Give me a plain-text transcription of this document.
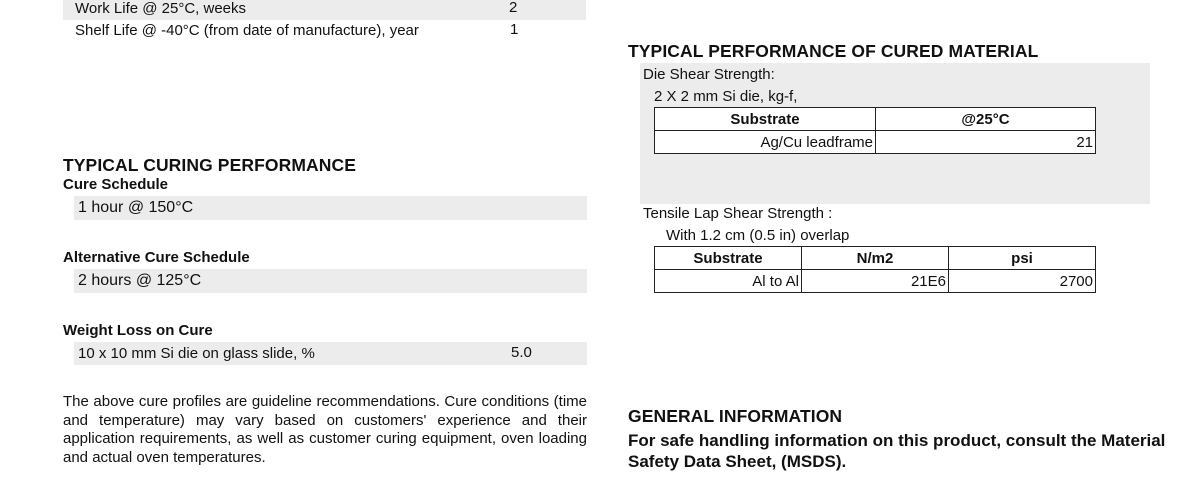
Work Life @ 25°C, weeks	2
Shelf Life @ -40°C (from date of manufacture), year	1
TYPICAL CURING PERFORMANCE
Cure Schedule
1 hour @ 150°C
Alternative Cure Schedule
2 hours @ 125°C
Weight Loss on Cure
10 x 10 mm Si die on glass slide, %	5.0
The above cure profiles are guideline recommendations. Cure conditions (time and temperature) may vary based on customers' experience and their application requirements, as well as customer curing equipment, oven loading and actual oven temperatures.
TYPICAL PERFORMANCE OF CURED MATERIAL
Die Shear Strength:
2 X 2 mm Si die, kg-f,
Substrate	@25°C
Ag/Cu leadframe	21
Tensile Lap Shear Strength :
With 1.2 cm (0.5 in) overlap
Substrate	N/m2	psi
Al to Al	21E6	2700
GENERAL INFORMATION
For safe handling information on this product, consult the Material Safety Data Sheet, (MSDS).
